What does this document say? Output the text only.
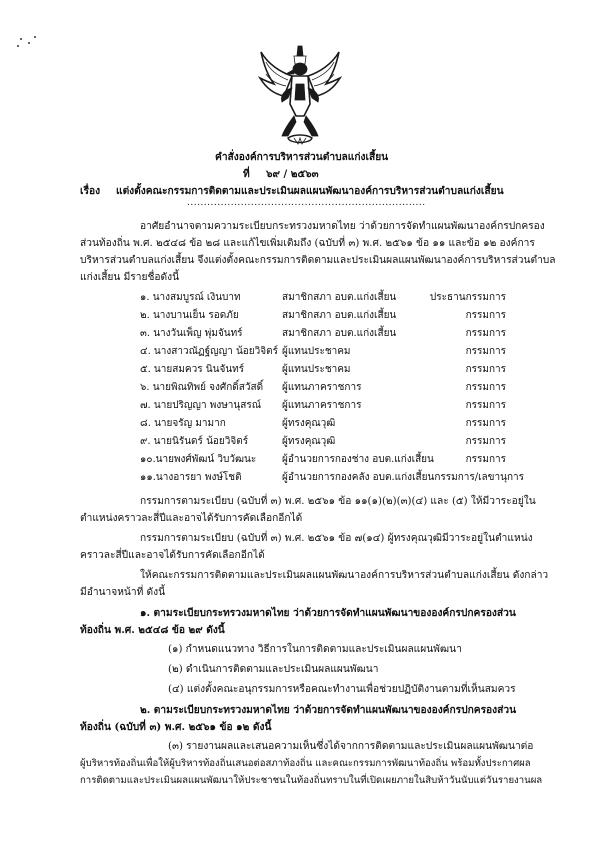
คำสั่งองค์การบริหารส่วนตำบลแก่งเสี้ยน
ที่ ๖๙ / ๒๕๖๓
เรื่อง แต่งตั้งคณะกรรมการติดตามและประเมินผลแผนพัฒนาองค์การบริหารส่วนตำบลแก่งเสี้ยน
.......................................................................
อาศัยอำนาจตามความระเบียบกระทรวงมหาดไทย ว่าด้วยการจัดทำแผนพัฒนาองค์กรปกครอง
ส่วนท้องถิ่น พ.ศ. ๒๕๔๘ ข้อ ๒๘ และแก้ไขเพิ่มเติมถึง (ฉบับที่ ๓) พ.ศ. ๒๕๖๑ ข้อ ๑๑ และข้อ ๑๒ องค์การ
บริหารส่วนตำบลแก่งเสี้ยน จึงแต่งตั้งคณะกรรมการติดตามและประเมินผลแผนพัฒนาองค์การบริหารส่วนตำบล
แก่งเสี้ยน มีรายชื่อดังนี้
๑. นางสมบูรณ์ เงินบาท	สมาชิกสภา อบต.แก่งเสี้ยน	ประธานกรรมการ
๒. นางบานเย็น รอดภัย	สมาชิกสภา อบต.แก่งเสี้ยน	กรรมการ
๓. นางวันเพ็ญ พุ่มจันทร์	สมาชิกสภา อบต.แก่งเสี้ยน	กรรมการ
๔. นางสาวณัฏฐ์ญญา น้อยวิจิตร์ ผู้แทนประชาคม	กรรมการ
๕. นายสมควร นินจันทร์	ผู้แทนประชาคม	กรรมการ
๖. นายพิณทิพย์ จงศักดิ์สวัสดิ์ ผู้แทนภาคราชการ	กรรมการ
๗. นายปริญญา พงษานุสรณ์ ผู้แทนภาคราชการ	กรรมการ
๘. นายจรัญ มามาก	ผู้ทรงคุณวุฒิ	กรรมการ
๙. นายนิรันดร์ น้อยวิจิตร์	ผู้ทรงคุณวุฒิ	กรรมการ
๑๐.นายพงศ์พัฒน์ วิบวัฒนะ	ผู้อำนวยการกองช่าง อบต.แก่งเสี้ยน	กรรมการ
๑๑.นางอารยา พงษ์โชติ	ผู้อำนวยการกองคลัง อบต.แก่งเสี้ยน กรรมการ/เลขานุการ
กรรมการตามระเบียบ (ฉบับที่ ๓) พ.ศ. ๒๕๖๑ ข้อ ๑๑(๑)(๒)(๓)(๔) และ (๕) ให้มีวาระอยู่ใน
ตำแหน่งคราวละสี่ปีและอาจได้รับการคัดเลือกอีกได้
กรรมการตามระเบียบ (ฉบับที่ ๓) พ.ศ. ๒๕๖๑ ข้อ ๗(๑๔) ผู้ทรงคุณวุฒิมีวาระอยู่ในตำแหน่ง
คราวละสี่ปีและอาจได้รับการคัดเลือกอีกได้
ให้คณะกรรมการติดตามและประเมินผลแผนพัฒนาองค์การบริหารส่วนตำบลแก่งเสี้ยน ดังกล่าว
มีอำนาจหน้าที่ ดังนี้
๑. ตามระเบียบกระทรวงมหาดไทย ว่าด้วยการจัดทำแผนพัฒนาขององค์กรปกครองส่วน
ท้องถิ่น พ.ศ. ๒๕๔๘ ข้อ ๒๙ ดังนี้
(๑) กำหนดแนวทาง วิธีการในการติดตามและประเมินผลแผนพัฒนา
(๒) ดำเนินการติดตามและประเมินผลแผนพัฒนา
(๔) แต่งตั้งคณะอนุกรรมการหรือคณะทำงานเพื่อช่วยปฏิบัติงานตามที่เห็นสมควร
๒. ตามระเบียบกระทรวงมหาดไทย ว่าด้วยการจัดทำแผนพัฒนาขององค์กรปกครองส่วน
ท้องถิ่น (ฉบับที่ ๓) พ.ศ. ๒๕๖๑ ข้อ ๑๒ ดังนี้
(๓) รายงานผลและเสนอความเห็นซึ่งได้จากการติดตามและประเมินผลแผนพัฒนาต่อ
ผู้บริหารท้องถิ่นเพื่อให้ผู้บริหารท้องถิ่นเสนอต่อสภาท้องถิ่น และคณะกรรมการพัฒนาท้องถิ่น พร้อมทั้งประกาศผล
การติดตามและประเมินผลแผนพัฒนาให้ประชาชนในท้องถิ่นทราบในที่เปิดเผยภายในสิบห้าวันนับแต่วันรายงานผล
